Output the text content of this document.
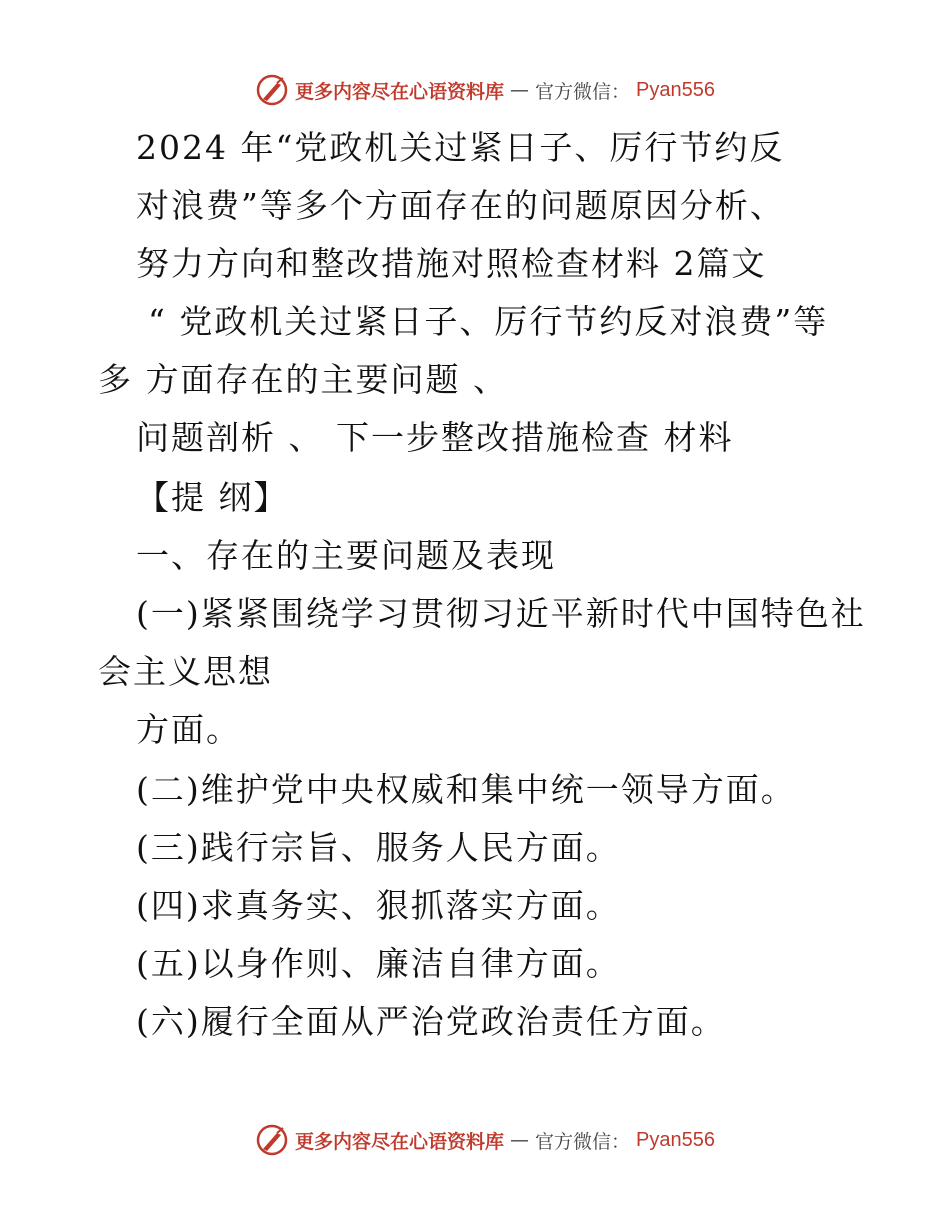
更多内容尽在心语资料库 — 官方微信： Pyan556
2024 年“党政机关过紧日子、厉行节约反
对浪费”等多个方面存在的问题原因分析、
努力方向和整改措施对照检查材料 2篇文
“ 党政机关过紧日子、厉行节约反对浪费”等
多 方面存在的主要问题 、
问题剖析 、 下一步整改措施检查 材料
【提 纲】
一、存在的主要问题及表现
(一)紧紧围绕学习贯彻习近平新时代中国特色社
会主义思想
方面。
(二)维护党中央权威和集中统一领导方面。
(三)践行宗旨、服务人民方面。
(四)求真务实、狠抓落实方面。
(五)以身作则、廉洁自律方面。
(六)履行全面从严治党政治责任方面。
更多内容尽在心语资料库 — 官方微信： Pyan556
